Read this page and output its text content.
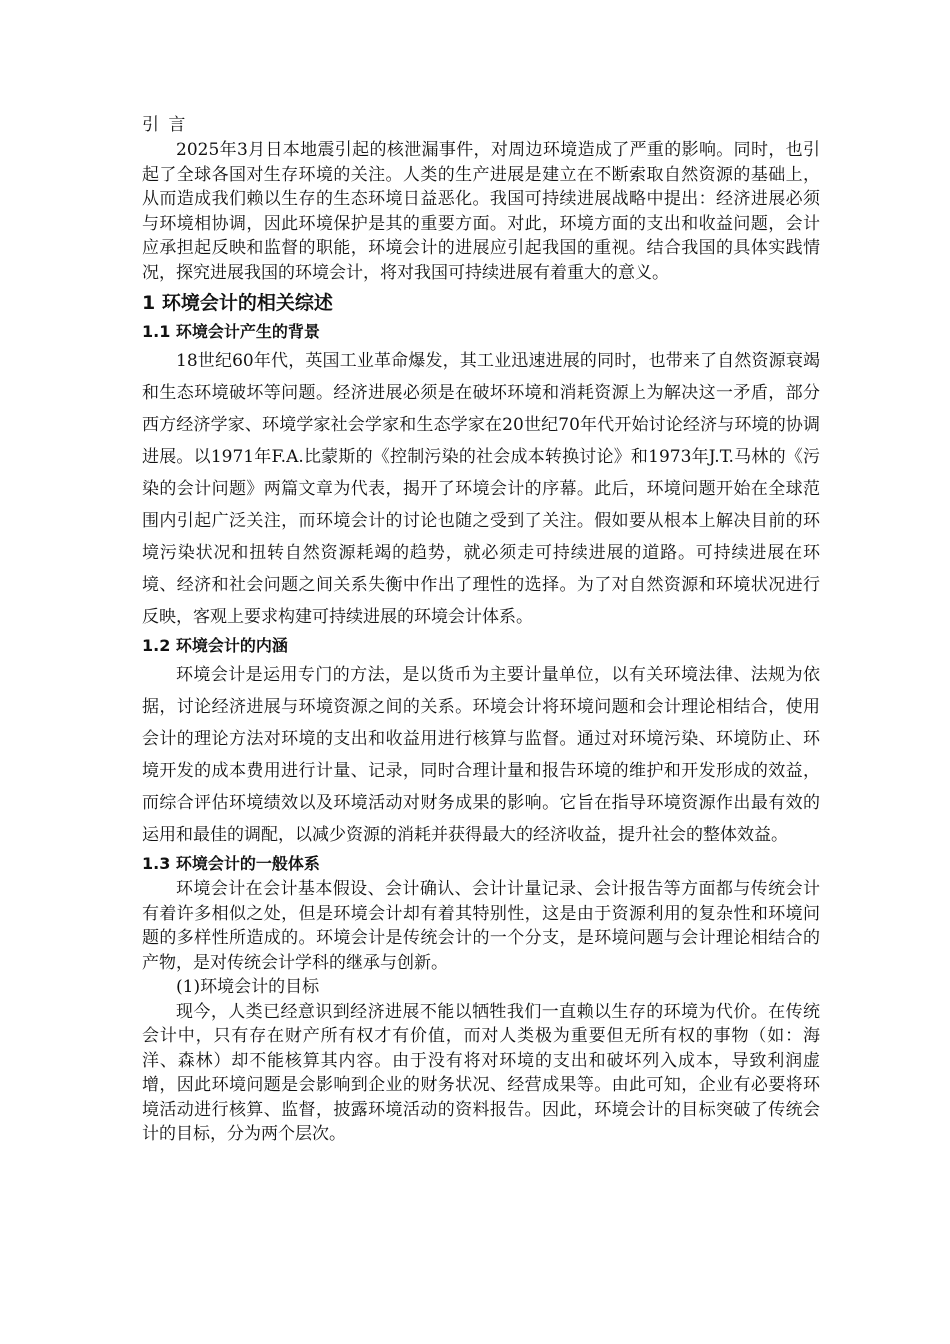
引 言

2025年3月日本地震引起的核泄漏事件，对周边环境造成了严重的影响。同时，也引起了全球各国对生存环境的关注。人类的生产进展是建立在不断索取自然资源的基础上，从而造成我们赖以生存的生态环境日益恶化。我国可持续进展战略中提出：经济进展必须与环境相协调，因此环境保护是其的重要方面。对此，环境方面的支出和收益问题，会计应承担起反映和监督的职能，环境会计的进展应引起我国的重视。结合我国的具体实践情况，探究进展我国的环境会计，将对我国可持续进展有着重大的意义。

1 环境会计的相关综述
1.1 环境会计产生的背景

18世纪60年代，英国工业革命爆发，其工业迅速进展的同时，也带来了自然资源衰竭和生态环境破坏等问题。经济进展必须是在破坏环境和消耗资源上为解决这一矛盾，部分西方经济学家、环境学家社会学家和生态学家在20世纪70年代开始讨论经济与环境的协调进展。以1971年F.A.比蒙斯的《控制污染的社会成本转换讨论》和1973年J.T.马林的《污染的会计问题》两篇文章为代表，揭开了环境会计的序幕。此后，环境问题开始在全球范围内引起广泛关注，而环境会计的讨论也随之受到了关注。假如要从根本上解决目前的环境污染状况和扭转自然资源耗竭的趋势，就必须走可持续进展的道路。可持续进展在环境、经济和社会问题之间关系失衡中作出了理性的选择。为了对自然资源和环境状况进行反映，客观上要求构建可持续进展的环境会计体系。

1.2 环境会计的内涵

环境会计是运用专门的方法，是以货币为主要计量单位，以有关环境法律、法规为依据，讨论经济进展与环境资源之间的关系。环境会计将环境问题和会计理论相结合，使用会计的理论方法对环境的支出和收益用进行核算与监督。通过对环境污染、环境防止、环境开发的成本费用进行计量、记录，同时合理计量和报告环境的维护和开发形成的效益，而综合评估环境绩效以及环境活动对财务成果的影响。它旨在指导环境资源作出最有效的运用和最佳的调配，以减少资源的消耗并获得最大的经济收益，提升社会的整体效益。

1.3 环境会计的一般体系

环境会计在会计基本假设、会计确认、会计计量记录、会计报告等方面都与传统会计有着许多相似之处，但是环境会计却有着其特别性，这是由于资源利用的复杂性和环境问题的多样性所造成的。环境会计是传统会计的一个分支，是环境问题与会计理论相结合的产物，是对传统会计学科的继承与创新。

(1)环境会计的目标

现今，人类已经意识到经济进展不能以牺牲我们一直赖以生存的环境为代价。在传统会计中，只有存在财产所有权才有价值，而对人类极为重要但无所有权的事物（如：海洋、森林）却不能核算其内容。由于没有将对环境的支出和破坏列入成本，导致利润虚增，因此环境问题是会影响到企业的财务状况、经营成果等。由此可知，企业有必要将环境活动进行核算、监督，披露环境活动的资料报告。因此，环境会计的目标突破了传统会计的目标，分为两个层次。
